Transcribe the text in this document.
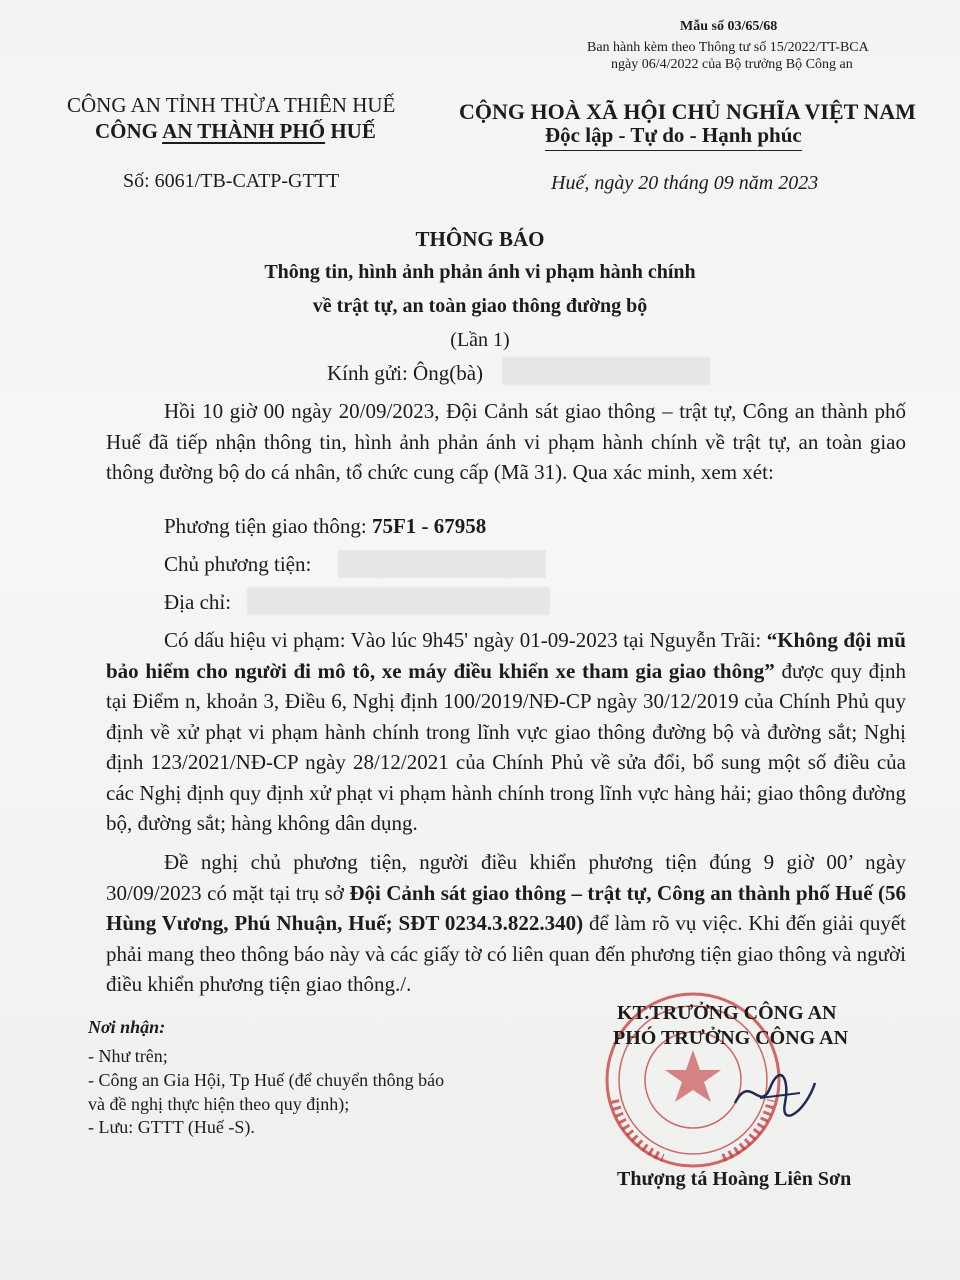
Mẫu số 03/65/68
Ban hành kèm theo Thông tư số 15/2022/TT-BCA
ngày 06/4/2022 của Bộ trưởng Bộ Công an
CÔNG AN TỈNH THỪA THIÊN HUẾ
CÔNG AN THÀNH PHỐ HUẾ
CỘNG HOÀ XÃ HỘI CHỦ NGHĨA VIỆT NAM
Độc lập - Tự do - Hạnh phúc
Số: 6061/TB-CATP-GTTT	Huế, ngày 20 tháng 09 năm 2023
THÔNG BÁO
Thông tin, hình ảnh phản ánh vi phạm hành chính
về trật tự, an toàn giao thông đường bộ
(Lần 1)
Kính gửi: Ông(bà)
Hồi 10 giờ 00 ngày 20/09/2023, Đội Cảnh sát giao thông – trật tự, Công an thành phố Huế đã tiếp nhận thông tin, hình ảnh phản ánh vi phạm hành chính về trật tự, an toàn giao thông đường bộ do cá nhân, tổ chức cung cấp (Mã 31). Qua xác minh, xem xét:
Phương tiện giao thông: 75F1 - 67958
Chủ phương tiện:
Địa chỉ:
Có dấu hiệu vi phạm: Vào lúc 9h45' ngày 01-09-2023 tại Nguyễn Trãi: “Không đội mũ bảo hiểm cho người đi mô tô, xe máy điều khiển xe tham gia giao thông” được quy định tại Điểm n, khoản 3, Điều 6, Nghị định 100/2019/NĐ-CP ngày 30/12/2019 của Chính Phủ quy định về xử phạt vi phạm hành chính trong lĩnh vực giao thông đường bộ và đường sắt; Nghị định 123/2021/NĐ-CP ngày 28/12/2021 của Chính Phủ về sửa đổi, bổ sung một số điều của các Nghị định quy định xử phạt vi phạm hành chính trong lĩnh vực hàng hải; giao thông đường bộ, đường sắt; hàng không dân dụng.
Đề nghị chủ phương tiện, người điều khiển phương tiện đúng 9 giờ 00’ ngày 30/09/2023 có mặt tại trụ sở Đội Cảnh sát giao thông – trật tự, Công an thành phố Huế (56 Hùng Vương, Phú Nhuận, Huế; SĐT 0234.3.822.340) để làm rõ vụ việc. Khi đến giải quyết phải mang theo thông báo này và các giấy tờ có liên quan đến phương tiện giao thông và người điều khiển phương tiện giao thông./.
Nơi nhận:
- Như trên;
- Công an Gia Hội, Tp Huế (để chuyển thông báo
và đề nghị thực hiện theo quy định);
- Lưu: GTTT (Huế -S).
KT.TRƯỞNG CÔNG AN
PHÓ TRƯỞNG CÔNG AN
Thượng tá Hoàng Liên Sơn
